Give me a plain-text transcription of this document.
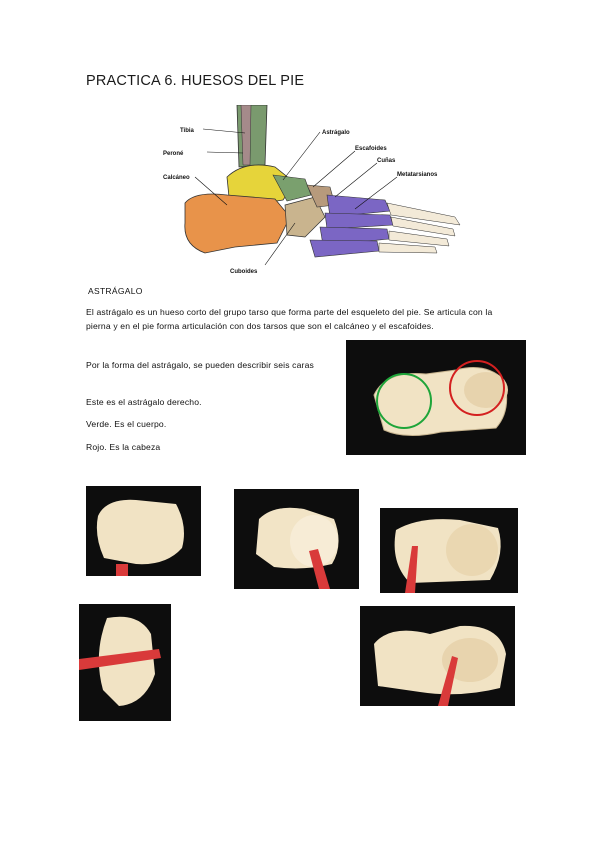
PRACTICA 6. HUESOS DEL PIE
Tibia
Peroné
Calcáneo
Astrágalo
Escafoides
Cuñas
Metatarsianos
Cuboides
ASTRÁGALO
El astrágalo es un hueso corto del grupo tarso que forma parte del esqueleto del pie. Se articula con la pierna y en el pie forma articulación con dos tarsos que son el calcáneo y el escafoides.
Por la forma del astrágalo, se pueden describir seis caras
Este es el astrágalo derecho.
Verde. Es el cuerpo.
Rojo. Es la cabeza
